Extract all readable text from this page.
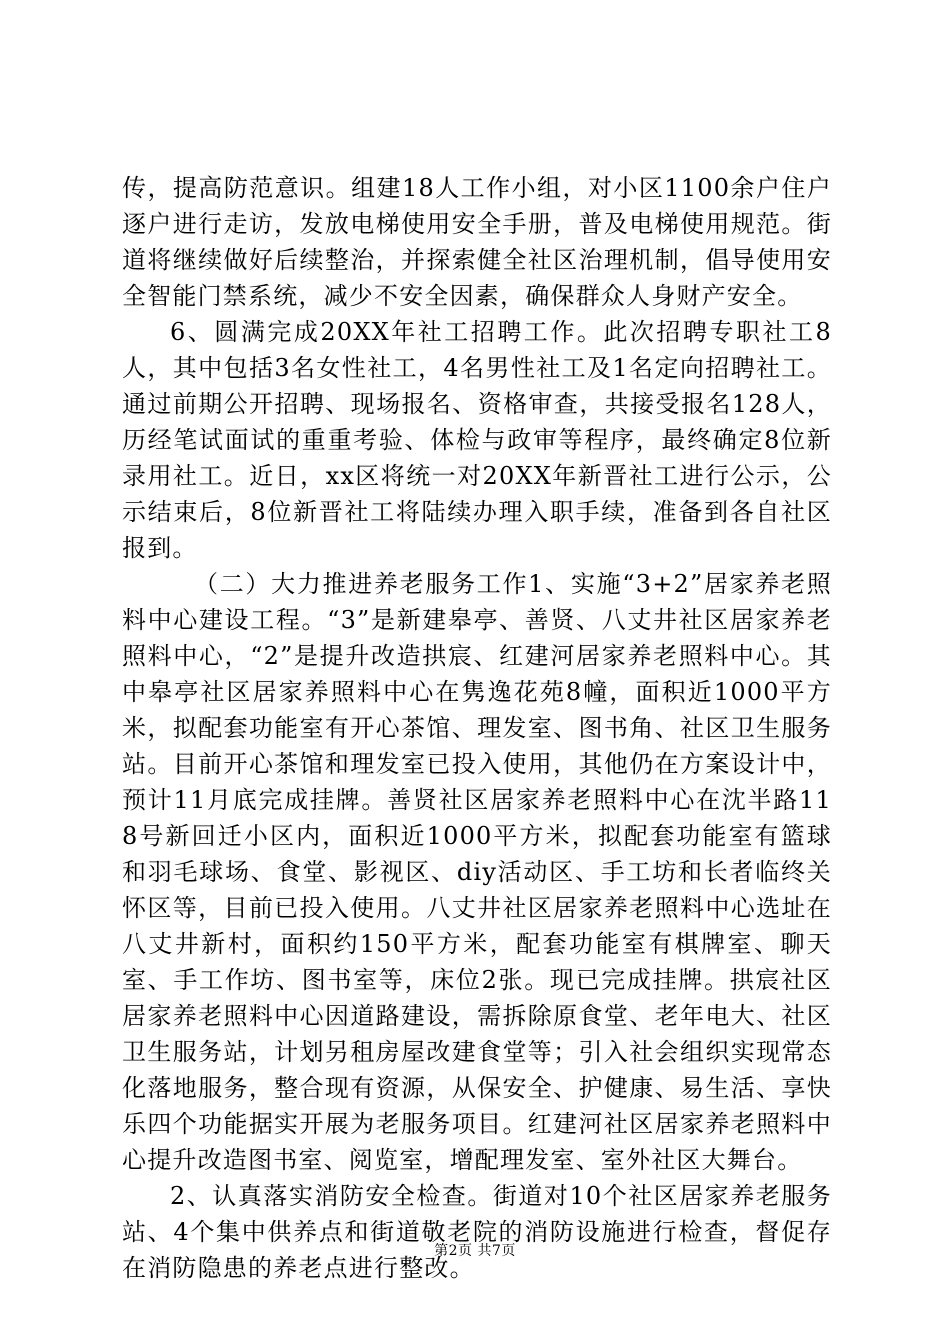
传，提高防范意识。组建18人工作小组，对小区1100余户住户逐户进行走访，发放电梯使用安全手册，普及电梯使用规范。街道将继续做好后续整治，并探索健全社区治理机制，倡导使用安全智能门禁系统，减少不安全因素，确保群众人身财产安全。

6、圆满完成20XX年社工招聘工作。此次招聘专职社工8人，其中包括3名女性社工，4名男性社工及1名定向招聘社工。通过前期公开招聘、现场报名、资格审查，共接受报名128人，历经笔试面试的重重考验、体检与政审等程序，最终确定8位新录用社工。近日，xx区将统一对20XX年新晋社工进行公示，公示结束后，8位新晋社工将陆续办理入职手续，准备到各自社区报到。

（二）大力推进养老服务工作1、实施“3+2”居家养老照料中心建设工程。“3”是新建皋亭、善贤、八丈井社区居家养老照料中心，“2”是提升改造拱宸、红建河居家养老照料中心。其中皋亭社区居家养照料中心在隽逸花苑8幢，面积近1000平方米，拟配套功能室有开心茶馆、理发室、图书角、社区卫生服务站。目前开心茶馆和理发室已投入使用，其他仍在方案设计中，预计11月底完成挂牌。善贤社区居家养老照料中心在沈半路118号新回迁小区内，面积近1000平方米，拟配套功能室有篮球和羽毛球场、食堂、影视区、diy活动区、手工坊和长者临终关怀区等，目前已投入使用。八丈井社区居家养老照料中心选址在八丈井新村，面积约150平方米，配套功能室有棋牌室、聊天室、手工作坊、图书室等，床位2张。现已完成挂牌。拱宸社区居家养老照料中心因道路建设，需拆除原食堂、老年电大、社区卫生服务站，计划另租房屋改建食堂等；引入社会组织实现常态化落地服务，整合现有资源，从保安全、护健康、易生活、享快乐四个功能据实开展为老服务项目。红建河社区居家养老照料中心提升改造图书室、阅览室，增配理发室、室外社区大舞台。

2、认真落实消防安全检查。街道对10个社区居家养老服务站、4个集中供养点和街道敬老院的消防设施进行检查，督促存在消防隐患的养老点进行整改。

第2页 共7页
